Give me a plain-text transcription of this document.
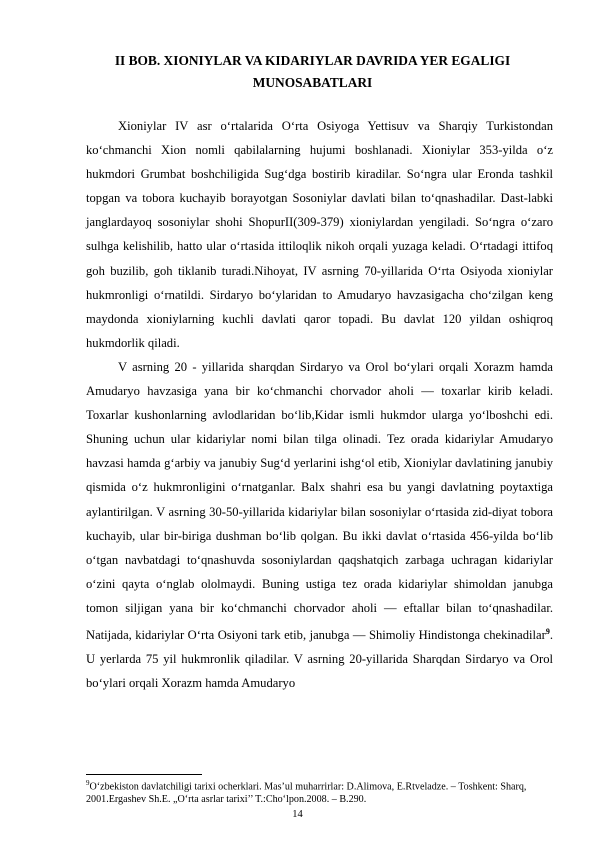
II BOB. XIONIYLAR VA KIDARIYLAR DAVRIDA YER EGALIGI
MUNOSABATLARI

Xioniylar IV asr o‘rtalarida O‘rta Osiyoga Yettisuv va Sharqiy Turkistondan ko‘chmanchi Xion nomli qabilalarning hujumi boshlanadi. Xioniylar 353-yilda o‘z hukmdori Grumbat boshchiligida Sug‘dga bostirib kiradilar. So‘ngra ular Eronda tashkil topgan va tobora kuchayib borayotgan Sosoniylar davlati bilan to‘qnashadilar. Dast-labki janglardayoq sosoniylar shohi ShopurII(309-379) xioniylardan yengiladi. So‘ngra o‘zaro sulhga kelishilib, hatto ular o‘rtasida ittiloqlik nikoh orqali yuzaga keladi. O‘rtadagi ittifoq goh buzilib, goh tiklanib turadi.Nihoyat, IV asrning 70-yillarida O‘rta Osiyoda xioniylar hukmronligi o‘rnatildi. Sirdaryo bo‘ylaridan to Amudaryo havzasigacha cho‘zilgan keng maydonda xioniylarning kuchli davlati qaror topadi. Bu davlat 120 yildan oshiqroq hukmdorlik qiladi.

V asrning 20 - yillarida sharqdan Sirdaryo va Orol bo‘ylari orqali Xorazm hamda Amudaryo havzasiga yana bir ko‘chmanchi chorvador aholi — toxarlar kirib keladi. Toxarlar kushonlarning avlodlaridan bo‘lib,Kidar ismli hukmdor ularga yo‘lboshchi edi. Shuning uchun ular kidariylar nomi bilan tilga olinadi. Tez orada kidariylar Amudaryo havzasi hamda g‘arbiy va janubiy Sug‘d yerlarini ishg‘ol etib, Xioniylar davlatining janubiy qismida o‘z hukmronligini o‘rnatganlar. Balx shahri esa bu yangi davlatning poytaxtiga aylantirilgan. V asrning 30-50-yillarida kidariylar bilan sosoniylar o‘rtasida zid-diyat tobora kuchayib, ular bir-biriga dushman bo‘lib qolgan. Bu ikki davlat o‘rtasida 456-yilda bo‘lib o‘tgan navbatdagi to‘qnashuvda sosoniylardan qaqshatqich zarbaga uchragan kidariylar o‘zini qayta o‘nglab ololmaydi. Buning ustiga tez orada kidariylar shimoldan janubga tomon siljigan yana bir ko‘chmanchi chorvador aholi — eftallar bilan to‘qnashadilar. Natijada, kidariylar O‘rta Osiyoni tark etib, janubga — Shimoliy Hindistonga chekinadilar$^9$. U yerlarda 75 yil hukmronlik qiladilar. V asrning 20-yillarida Sharqdan Sirdaryo va Orol bo‘ylari orqali Xorazm hamda Amudaryo

$^9$O‘zbekiston davlatchiligi tarixi ocherklari. Mas’ul muharrirlar: D.Alimova, E.Rtveladze. – Toshkent: Sharq, 2001.Ergashev Sh.E. „O‘rta asrlar tarixi’’ T.:Cho‘lpon.2008. – B.290.
14
